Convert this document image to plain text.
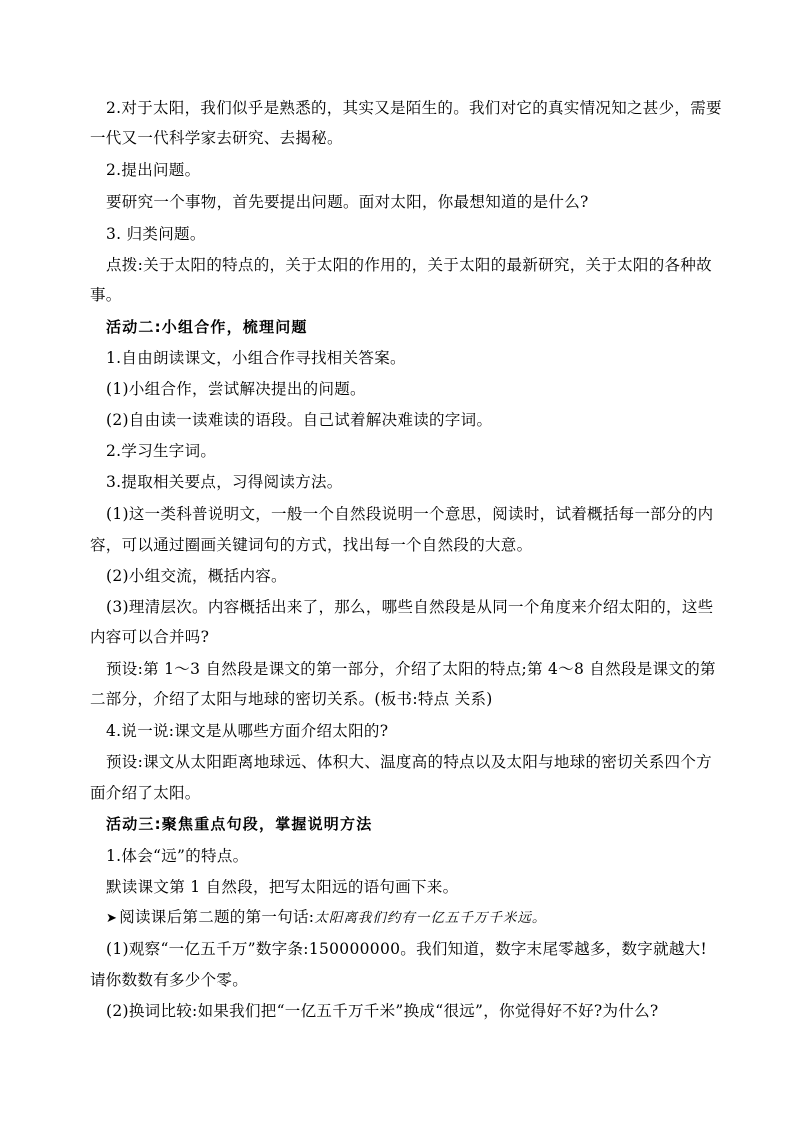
2.对于太阳，我们似乎是熟悉的，其实又是陌生的。我们对它的真实情况知之甚少，需要
一代又一代科学家去研究、去揭秘。
2.提出问题。
要研究一个事物，首先要提出问题。面对太阳，你最想知道的是什么?
3. 归类问题。
点拨:关于太阳的特点的，关于太阳的作用的，关于太阳的最新研究，关于太阳的各种故
事。
活动二:小组合作，梳理问题
1.自由朗读课文，小组合作寻找相关答案。
(1)小组合作，尝试解决提出的问题。
(2)自由读一读难读的语段。自己试着解决难读的字词。
2.学习生字词。
3.提取相关要点，习得阅读方法。
(1)这一类科普说明文，一般一个自然段说明一个意思，阅读时，试着概括每一部分的内
容，可以通过圈画关键词句的方式，找出每一个自然段的大意。
(2)小组交流，概括内容。
(3)理清层次。内容概括出来了，那么，哪些自然段是从同一个角度来介绍太阳的，这些
内容可以合并吗?
预设:第 1～3 自然段是课文的第一部分，介绍了太阳的特点;第 4～8 自然段是课文的第
二部分，介绍了太阳与地球的密切关系。(板书:特点 关系)
4.说一说:课文是从哪些方面介绍太阳的?
预设:课文从太阳距离地球远、体积大、温度高的特点以及太阳与地球的密切关系四个方
面介绍了太阳。
活动三:聚焦重点句段，掌握说明方法
1.体会“远”的特点。
默读课文第 1 自然段，把写太阳远的语句画下来。
➤ 阅读课后第二题的第一句话:太阳离我们约有一亿五千万千米远。
(1)观察“一亿五千万”数字条:150000000。我们知道，数字末尾零越多，数字就越大!
请你数数有多少个零。
(2)换词比较:如果我们把“一亿五千万千米”换成“很远”，你觉得好不好?为什么?
